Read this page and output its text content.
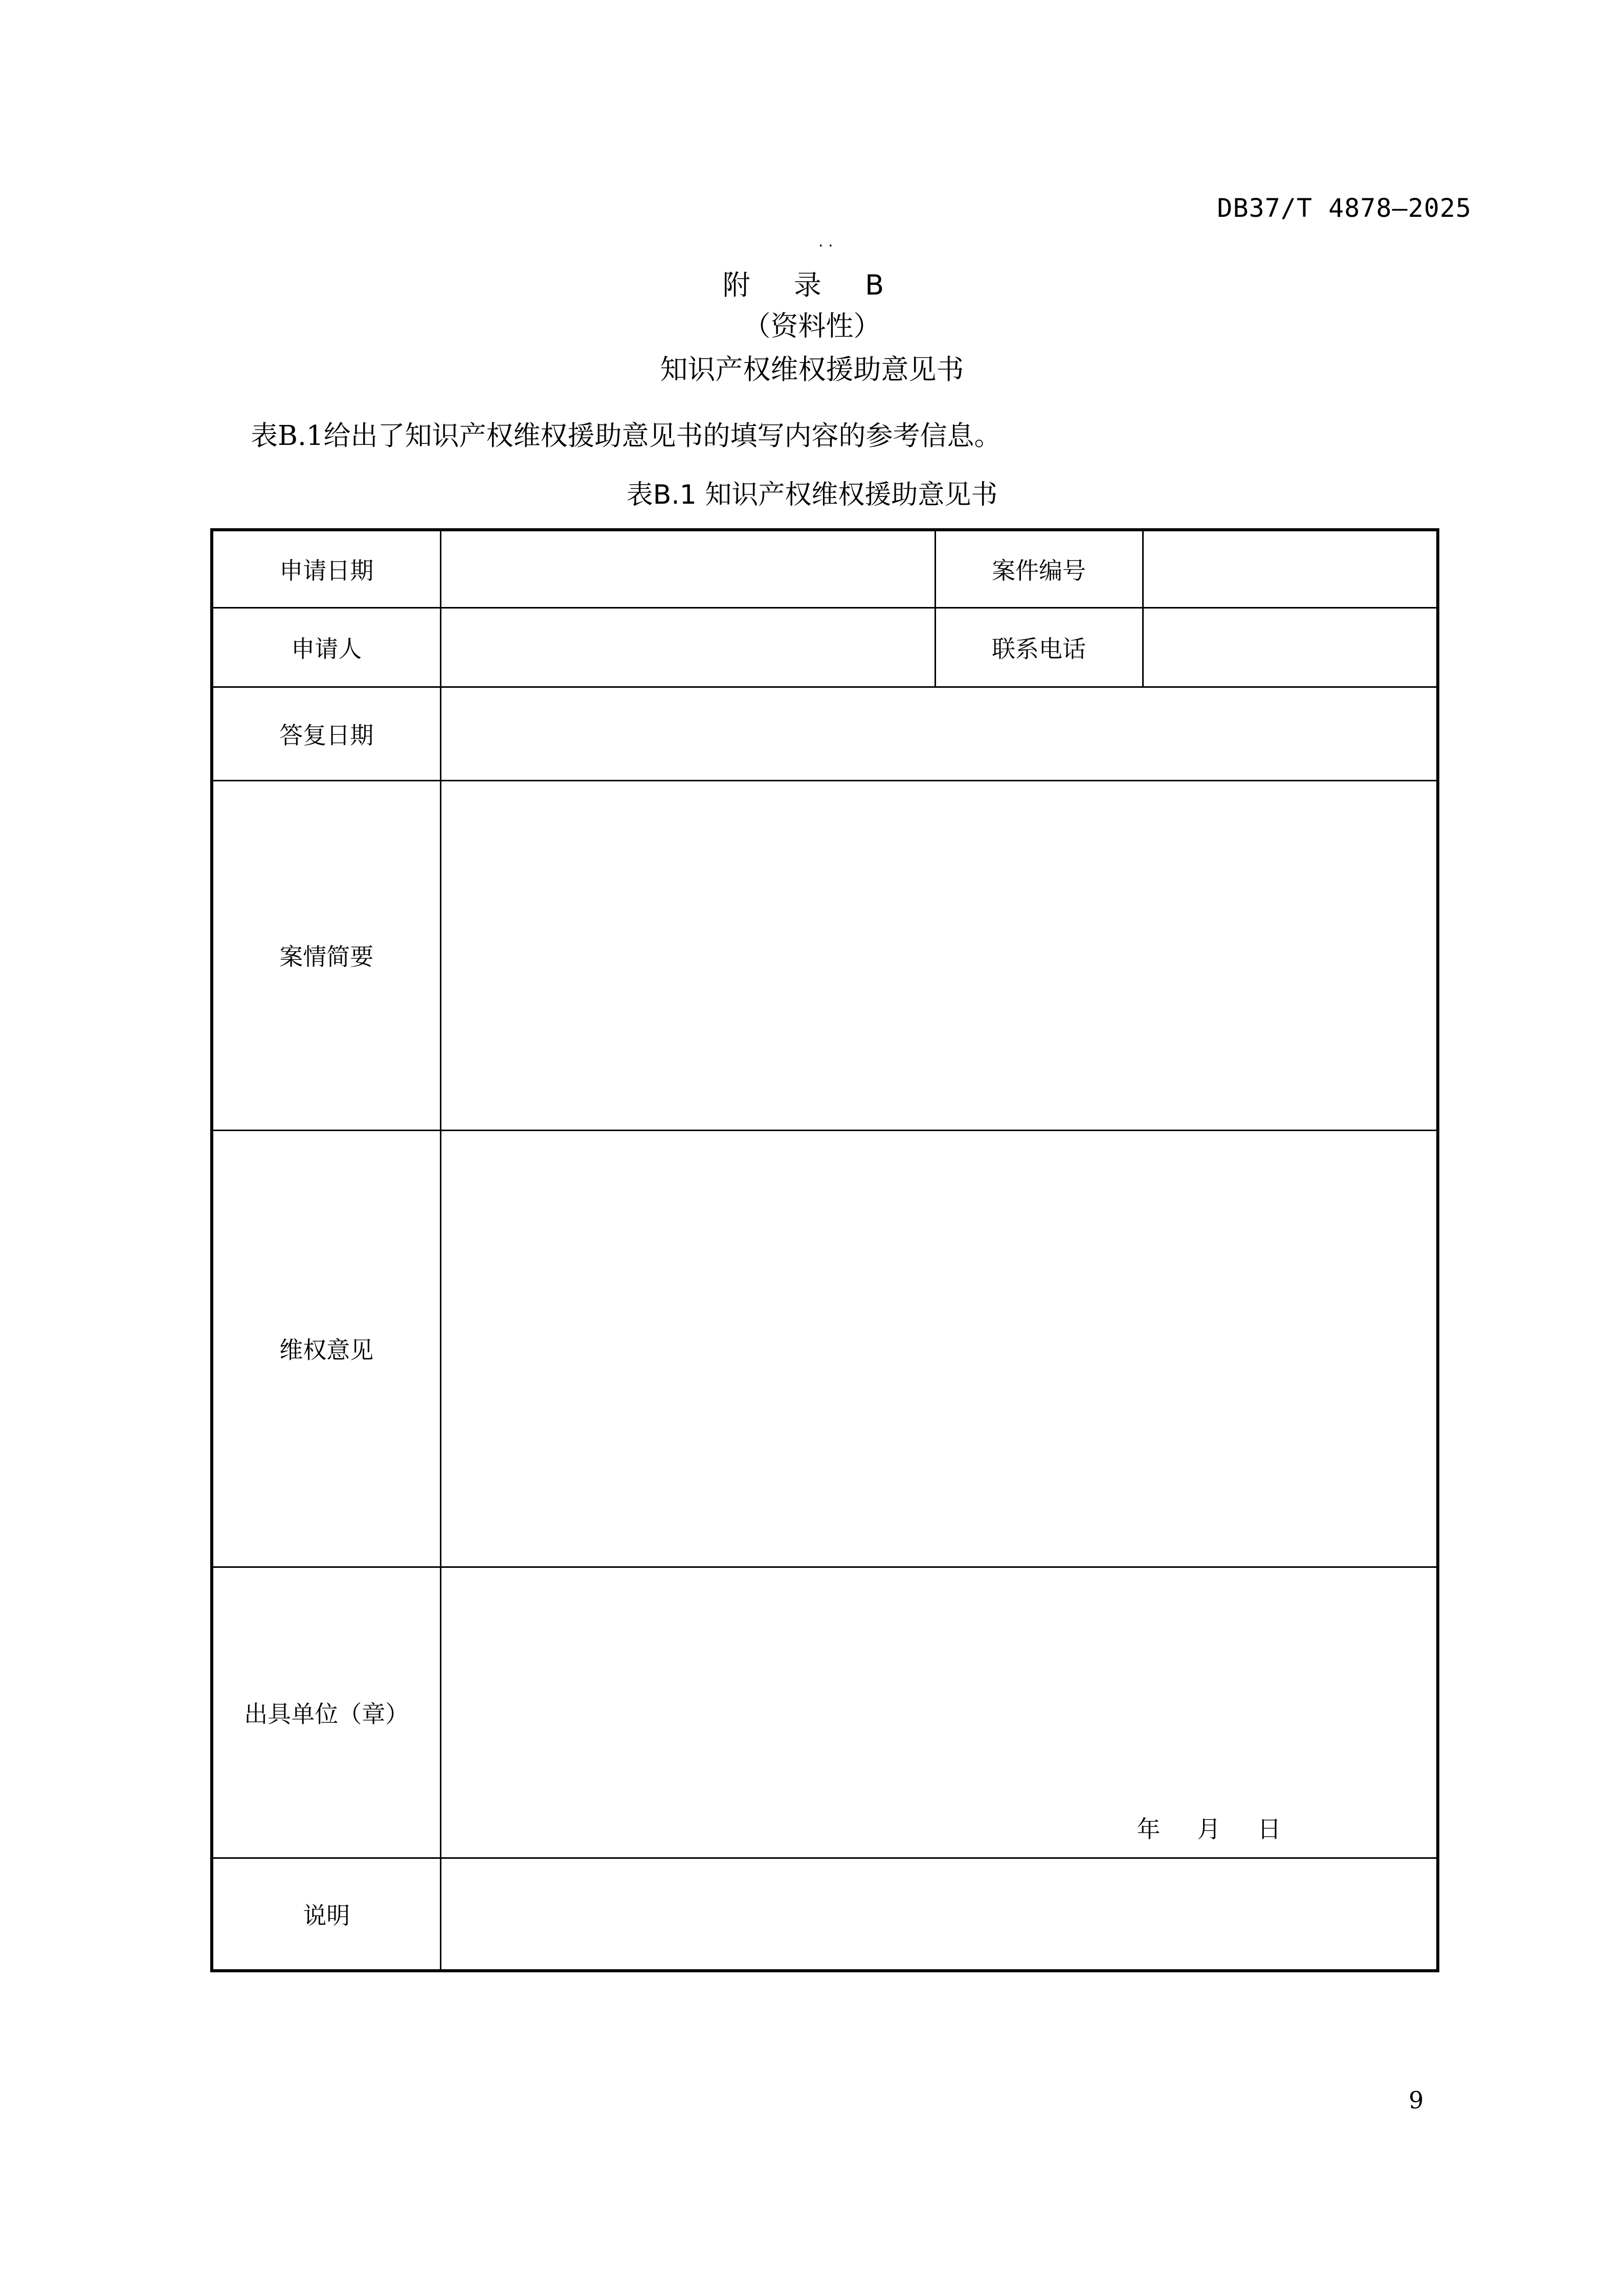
DB37/T 4878—2025
. .
附 录 B
（资料性）
知识产权维权援助意见书
表B.1给出了知识产权维权援助意见书的填写内容的参考信息。
表B.1 知识产权维权援助意见书
申请日期		案件编号	
申请人		联系电话	
答复日期			
案情简要			
维权意见			
出具单位（章）	年 月 日		

说明			
9
